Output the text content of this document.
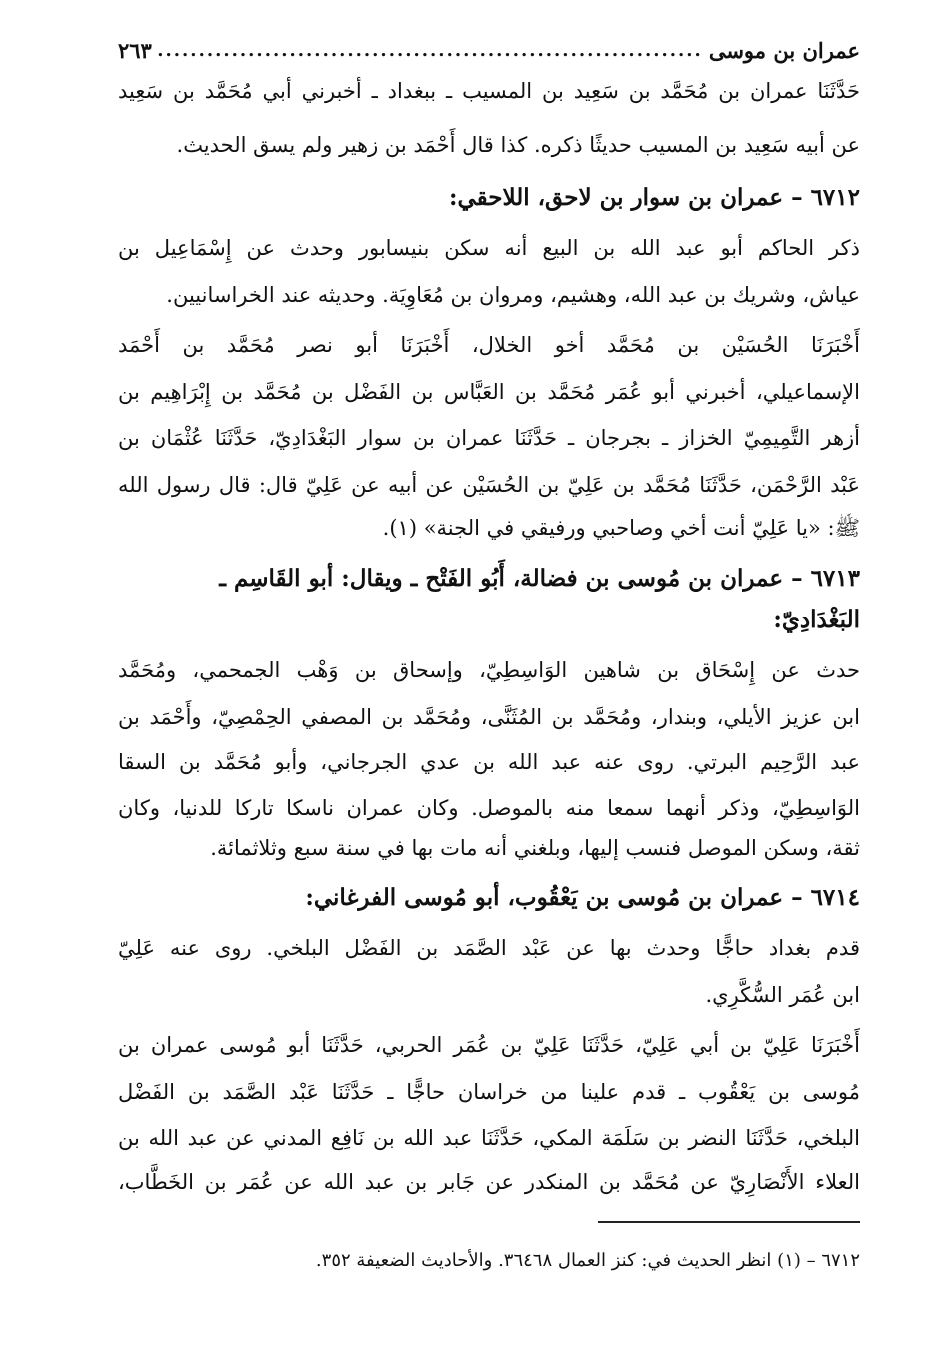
عمران بن موسى
.....
٢٦٣
حَدَّثَنَا عمران بن مُحَمَّد بن سَعِيد بن المسيب ـ ببغداد ـ أخبرني أبي مُحَمَّد بن سَعِيد
عن أبيه سَعِيد بن المسيب حديثًا ذكره. كذا قال أَحْمَد بن زهير ولم يسق الحديث.
٦٧١٢ – عمران بن سوار بن لاحق، اللاحقي:
ذكر الحاكم أبو عبد الله بن البيع أنه سكن بنيسابور وحدث عن إِسْمَاعِيل بن
عياش، وشريك بن عبد الله، وهشيم، ومروان بن مُعَاوِيَة. وحديثه عند الخراسانيين.
أَخْبَرَنَا الحُسَيْن بن مُحَمَّد أخو الخلال، أَخْبَرَنَا أبو نصر مُحَمَّد بن أَحْمَد
الإسماعيلي، أخبرني أبو عُمَر مُحَمَّد بن العَبَّاس بن الفَضْل بن مُحَمَّد بن إِبْرَاهِيم بن
أزهر التَّمِيمِيّ الخزاز ـ بجرجان ـ حَدَّثَنَا عمران بن سوار البَغْدَادِيّ، حَدَّثَنَا عُثْمَان بن
عَبْد الرَّحْمَن، حَدَّثَنَا مُحَمَّد بن عَلِيّ بن الحُسَيْن عن أبيه عن عَلِيّ قال: قال رسول الله
ﷺ: «يا عَلِيّ أنت أخي وصاحبي ورفيقي في الجنة» (١).
٦٧١٣ – عمران بن مُوسى بن فضالة، أَبُو الفَتْح ـ ويقال: أبو القَاسِم ـ
البَغْدَادِيّ:
حدث عن إِسْحَاق بن شاهين الوَاسِطِيّ، وإسحاق بن وَهْب الجمحمي، ومُحَمَّد
ابن عزيز الأيلي، وبندار، ومُحَمَّد بن المُثَنَّى، ومُحَمَّد بن المصفي الحِمْصِيّ، وأَحْمَد بن
عبد الرَّحِيم البرتي. روى عنه عبد الله بن عدي الجرجاني، وأبو مُحَمَّد بن السقا
الوَاسِطِيّ، وذكر أنهما سمعا منه بالموصل. وكان عمران ناسكا تاركا للدنيا، وكان
ثقة، وسكن الموصل فنسب إليها، وبلغني أنه مات بها في سنة سبع وثلاثمائة.
٦٧١٤ – عمران بن مُوسى بن يَعْقُوب، أبو مُوسى الفرغاني:
قدم بغداد حاجًّا وحدث بها عن عَبْد الصَّمَد بن الفَضْل البلخي. روى عنه عَلِيّ
ابن عُمَر السُّكَّرِي.
أَخْبَرَنَا عَلِيّ بن أبي عَلِيّ، حَدَّثَنَا عَلِيّ بن عُمَر الحربي، حَدَّثَنَا أبو مُوسى عمران بن
مُوسى بن يَعْقُوب ـ قدم علينا من خراسان حاجًّا ـ حَدَّثَنَا عَبْد الصَّمَد بن الفَضْل
البلخي، حَدَّثَنَا النضر بن سَلَمَة المكي، حَدَّثَنَا عبد الله بن نَافِع المدني عن عبد الله بن
العلاء الأَنْصَارِيّ عن مُحَمَّد بن المنكدر عن جَابر بن عبد الله عن عُمَر بن الخَطَّاب،
٦٧١٢ – (١) انظر الحديث في: كنز العمال ٣٦٤٦٨. والأحاديث الضعيفة ٣٥٢.
